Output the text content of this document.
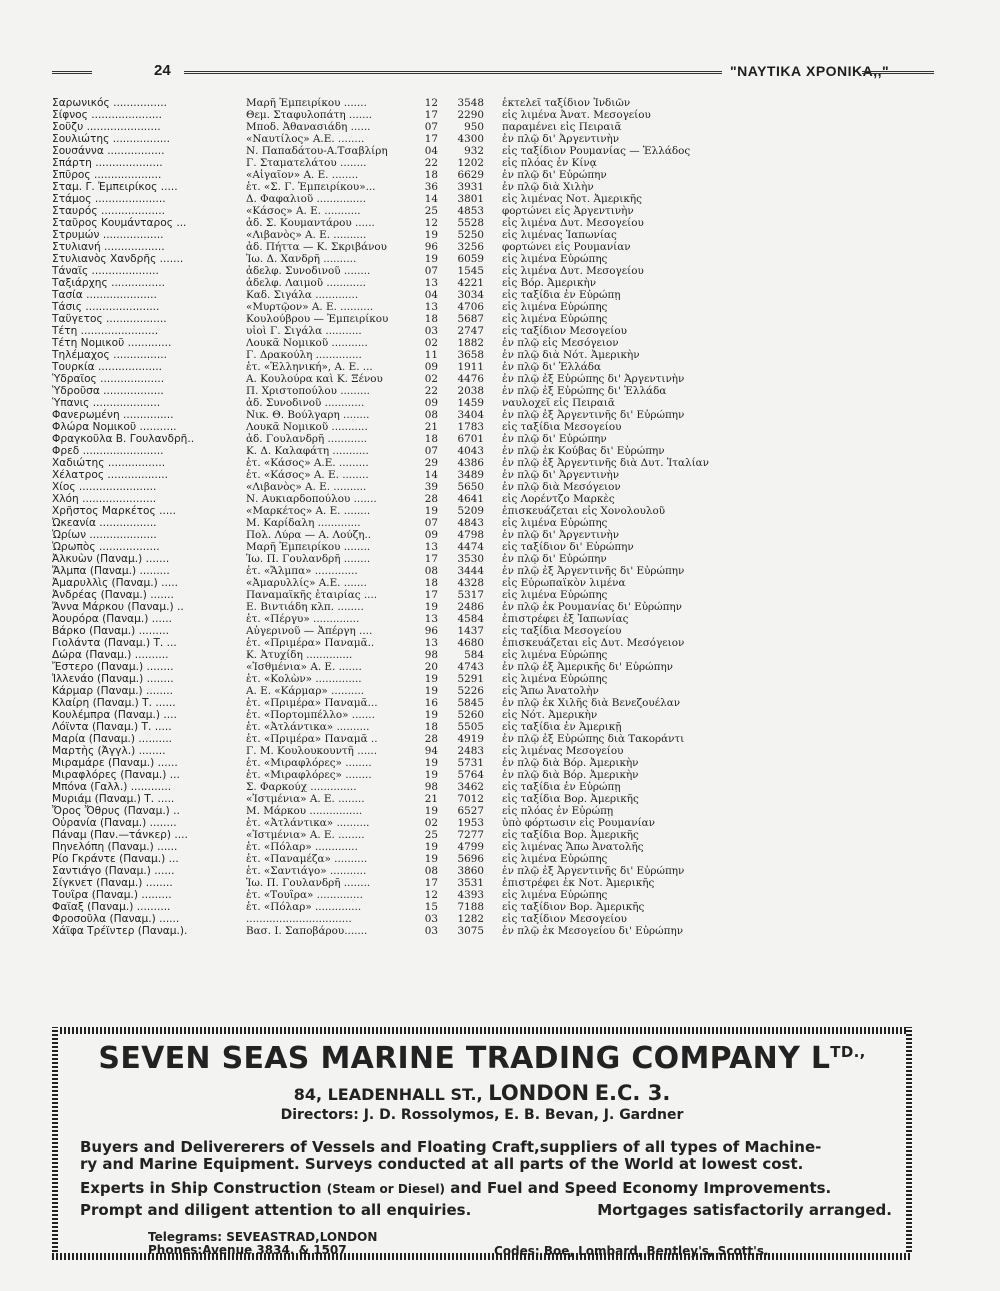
24	"ΝΑΥΤΙΚΑ ΧΡΟΝΙΚΑ,,"
Σαρωνικός ................	Μαρῆ Ἐμπειρίκου .......	12	3548 ἐκτελεῖ ταξίδιον Ἰνδιῶν
Σίφνος .....................	Θεμ. Σταφυλοπάτη .......	17	2290 εἰς λιμένα Ἀνατ. Μεσογείου
Σοῦζυ ......................	Μποδ. Ἀθανασιάδη ......	07	950 παραμένει εἰς Πειραιᾶ
Σουλιώτης .................	«Ναυτίλος» Α.Ε. ........	17	4300 ἐν πλῷ δι' Ἀργεντινὴν
Σουσάννα .................	Ν. Παπαδάτου-Α.Τσαβλίρη	04	932 εἰς ταξίδιον Ρουμανίας — Ἑλλάδος
Σπάρτη ....................	Γ. Σταματελάτου ........	22	1202 εἰς πλόας ἐν Κίνᾳ
Σπῦρος ....................	«Αἰγαῖον» Α. Ε. ........	18	6629 ἐν πλῷ δι' Εὐρώπην
Σταμ. Γ. Ἐμπειρίκος .....	ἑτ. «Σ. Γ. Ἐμπειρίκου»...	36	3931 ἐν πλῷ διὰ Χιλὴν
Στάμος .....................	Δ. Φαφαλιοῦ ...............	14	3801 εἰς λιμένας Νοτ. Ἀμερικῆς
Σταυρός ...................	«Κάσος» Α. Ε. ...........	25	4853 φορτώνει εἰς Ἀργεντινὴν
Σταῦρος Κουμάνταρος ...	ἀδ. Σ. Κουμαντάρου ......	12	5528 εἰς λιμένα Δυτ. Μεσογείου
Στρυμών ..................	«Λιβανὸς» Α. Ε. ..........	19	5250 εἰς λιμένας Ἰαπωνίας
Στυλιανή ..................	ἀδ. Πήττα — Κ. Σκριβάνου	96	3256 φορτώνει εἰς Ρουμανίαν
Στυλιανὸς Χανδρῆς .......	Ἰω. Δ. Χανδρῆ ..........	19	6059 εἰς λιμένα Εὐρώπης
Τάναϊς ....................	ἀδελφ. Συνοδινοῦ ........	07	1545 εἰς λιμένα Δυτ. Μεσογείου
Ταξιάρχης ................	ἀδελφ. Λαιμοῦ ............	13	4221 εἰς Βόρ. Ἀμερικὴν
Τασία .....................	Καδ. Σιγάλα .............	04	3034 εἰς ταξίδια ἐν Εὐρώπῃ
Τάσις ......................	«Μυρτῷον» Α. Ε. ..........	13	4706 εἰς λιμένα Εὐρώπης
Ταΰγετος ..................	Κουλούβρου — Ἐμπειρίκου	18	5687 εἰς λιμένα Εὐρώπης
Τέτη .......................	υἱοὶ Γ. Σιγάλα ...........	03	2747 εἰς ταξίδιον Μεσογείου
Τέτη Νομικοῦ .............	Λουκᾶ Νομικοῦ ...........	02	1882 ἐν πλῷ εἰς Μεσόγειον
Τηλέμαχος ................	Γ. Δρακούλη ..............	11	3658 ἐν πλῷ διὰ Νότ. Ἀμερικὴν
Τουρκία ...................	ἑτ. «Ἑλληνική», Α. Ε. ...	09	1911 ἐν πλῷ δι' Ἑλλάδα
Ὑδραῖος ...................	Α. Κουλούρα καὶ Κ. Ξένου	02	4476 ἐν πλῷ ἐξ Εὐρώπης δι' Ἀργεντινὴν
Ὑδροῦσα ..................	Π. Χριστοπούλου .........	22	2038 ἐν πλῷ ἐξ Εὐρώπης δι' Ἑλλάδα
Ὑπανις ....................	ἀδ. Συνοδινοῦ ............	09	1459 ναυλοχεῖ εἰς Πειραιᾶ
Φανερωμένη ...............	Νικ. Θ. Βούλγαρη ........	08	3404 ἐν πλῷ ἐξ Ἀργεντινῆς δι' Εὐρώπην
Φλώρα Νομικοῦ ...........	Λουκᾶ Νομικοῦ ...........	21	1783 εἰς ταξίδια Μεσογείου
Φραγκοῦλα Β. Γουλανδρῆ..	ἀδ. Γουλανδρῆ ............	18	6701 ἐν πλῷ δι' Εὐρώπην
Φρεδ ........................	Κ. Δ. Καλαφάτη ...........	07	4043 ἐν πλῷ ἐκ Κούβας δι' Εὐρώπην
Χαδιώτης .................	ἑτ. «Κάσος» Α.Ε. .........	29	4386 ἐν πλῷ ἐξ Ἀργεντινῆς διὰ Δυτ. Ἰταλίαν
Χέλατρος ..................	ἑτ. «Κάσος» Α. Ε. ........	14	3489 ἐν πλῷ δι' Ἀργεντινὴν
Χίος .......................	«Λιβανὸς» Α. Ε. ..........	39	5650 ἐν πλῷ διὰ Μεσόγειον
Χλόη ......................	Ν. Αυκιαρδοπούλου .......	28	4641 εἰς Λορέντζο Μαρκὲς
Χρῆστος Μαρκέτος .....	«Μαρκέτος» Α. Ε. ........	19	5209 ἐπισκευάζεται εἰς Χονολουλοῦ
Ὠκεανία .................	Μ. Καρίδαλη .............	07	4843 εἰς λιμένα Εὐρώπης
Ὡρίων ....................	Πολ. Λύρα — Α. Λούζη..	09	4798 ἐν πλῷ δι' Ἀργεντινὴν
Ὡρωπὸς ..................	Μαρῆ Ἐμπειρίκου ........	13	4474 εἰς ταξίδιον δι' Εὐρώπην
Ἀλκυὼν (Παναμ.) .......	Ἰω. Π. Γουλανδρῆ ........	17	3530 ἐν πλῷ δι' Εὐρώπην
Ἄλμπα (Παναμ.) .........	ἑτ. «Ἄλμπα» .............	08	3444 ἐν πλῷ ἐξ Ἀργεντινῆς δι' Εὐρώπην
Ἀμαρυλλὶς (Παναμ.) .....	«Ἀμαρυλλίς» Α.Ε. .......	18	4328 εἰς Εὐρωπαϊκὸν λιμένα
Ἀνδρέας (Παναμ.) .......	Παναμαϊκῆς ἑταιρίας ....	17	5317 εἰς λιμένα Εὐρώπης
Ἄννα Μάρκου (Παναμ.) ..	Ε. Βιντιάδη κλπ. ........	19	2486 ἐν πλῷ ἐκ Ρουμανίας δι' Εὐρώπην
Ἀουρόρα (Παναμ.) ......	ἑτ. «Πέργυ» ..............	13	4584 ἐπιστρέφει ἐξ Ἰαπωνίας
Βάρκο (Παναμ.) .........	Αὐγερινοῦ — Ἀπέργη ....	96	1437 εἰς ταξίδια Μεσογείου
Γιολάντα (Παναμ.) Τ. ...	ἑτ. «Πριμέρα» Παναμᾶ..	13	4680 ἐπισκευάζεται εἰς Δυτ. Μεσόγειον
Δώρα (Παναμ.) ..........	Κ. Ἀτυχίδη ..............	98	584 εἰς λιμένα Εὐρώπης
Ἔστερο (Παναμ.) ........	«Ἰσθμένια» Α. Ε. .......	20	4743 ἐν πλῷ ἐξ Ἀμερικῆς δι' Εὐρώπην
Ἰλλενάο (Παναμ.) ........	ἑτ. «Κολὼν» ..............	19	5291 εἰς λιμένα Εὐρώπης
Κάρμαρ (Παναμ.) ........	Α. Ε. «Κάρμαρ» ..........	19	5226 εἰς Ἄπω Ἀνατολὴν
Κλαίρη (Παναμ.) Τ. ......	ἑτ. «Πριμέρα» Παναμᾶ...	16	5845 ἐν πλῷ ἐκ Χιλῆς διὰ Βενεζουέλαν
Κουλέμπρα (Παναμ.) ....	ἑτ. «Πορτομπέλλο» .......	19	5260 εἰς Νότ. Ἀμερικὴν
Λόϊντα (Παναμ.) Τ. .....	ἑτ. «Ἀτλάντικα» ..........	18	5505 εἰς ταξίδια ἐν Ἀμερικῇ
Μαρία (Παναμ.) ..........	ἑτ. «Πριμέρα» Παναμᾶ ..	28	4919 ἐν πλῷ ἐξ Εὐρώπης διὰ Τακοράντι
Μαρτὴς (Ἀγγλ.) ........	Γ. Μ. Κουλουκουντῆ ......	94	2483 εἰς λιμένας Μεσογείου
Μιραμάρε (Παναμ.) ......	ἑτ. «Μιραφλόρες» ........	19	5731 ἐν πλῷ διὰ Βόρ. Ἀμερικὴν
Μιραφλόρες (Παναμ.) ...	ἑτ. «Μιραφλόρες» ........	19	5764 ἐν πλῷ διὰ Βόρ. Ἀμερικὴν
Μπόνα (Γαλλ.) ............	Σ. Φαρκούχ ..............	98	3462 εἰς ταξίδια ἐν Εὐρώπῃ
Μυριάμ (Παναμ.) Τ. .....	«Ἰστμένια» Α. Ε. ........	21	7012 εἰς ταξίδια Βορ. Ἀμερικῆς
Ὄρος Ὄθρυς (Παναμ.) ..	Μ. Μάρκου ................	19	6527 εἰς πλόας ἐν Εὐρώπῃ
Οὐρανία (Παναμ.) ........	ἑτ. «Ἀτλάντικα» ..........	02	1953 ὑπὸ φόρτωσιν εἰς Ρουμανίαν
Πάναμ (Παν.—τάνκερ) ....	«Ἰστμένια» Α. Ε. ........	25	7277 εἰς ταξίδια Βορ. Ἀμερικῆς
Πηνελόπη (Παναμ.) ......	ἑτ. «Πόλαρ» .............	19	4799 εἰς λιμένας Ἄπω Ἀνατολῆς
Ρίο Γκράντε (Παναμ.) ...	ἑτ. «Παναμέζα» ..........	19	5696 εἰς λιμένα Εὐρώπης
Σαντιάγο (Παναμ.) ......	ἑτ. «Σαντιάγο» ...........	08	3860 ἐν πλῷ ἐξ Ἀργεντινῆς δι' Εὐρώπην
Σίγκνετ (Παναμ.) ........	Ἰω. Π. Γουλανδρῆ ........	17	3531 ἐπιστρέφει ἐκ Νοτ. Ἀμερικῆς
Τουΐρα (Παναμ.) .........	ἑτ. «Τουΐρα» ..............	12	4393 εἰς λιμένα Εὐρώπης
Φαϊαξ (Παναμ.) ..........	ἑτ. «Πόλαρ» ..............	15	7188 εἰς ταξίδιον Βορ. Ἀμερικῆς
Φροσοῦλα (Παναμ.) ......	................................	03	1282 εἰς ταξίδιον Μεσογείου
Χάϊφα Τρέϊντερ (Παναμ.).	Βασ. Ι. Σαποβάρου.......	03	3075 ἐν πλῷ ἐκ Μεσογείου δι' Εὐρώπην
SEVEN SEAS MARINE TRADING COMPANY $L^{TD.,}$
84, LEADENHALL ST., LONDON E.C. 3.
Directors: J. D. Rossolymos, E. B. Bevan, J. Gardner
Buyers and Delivererers of Vessels and Floating Craft,suppliers of all types of Machine-
ry and Marine Equipment. Surveys conducted at all parts of the World at lowest cost.
Experts in Ship Construction (Steam or Diesel) and Fuel and Speed Economy Improvements.
Prompt and diligent attention to all enquiries.	Mortgages satisfactorily arranged.
Telegrams: SEVEASTRAD,LONDON
Phones:Avenue 3834. & 1507	Codes: Boe, Lombard, Bentley's, Scott's.
